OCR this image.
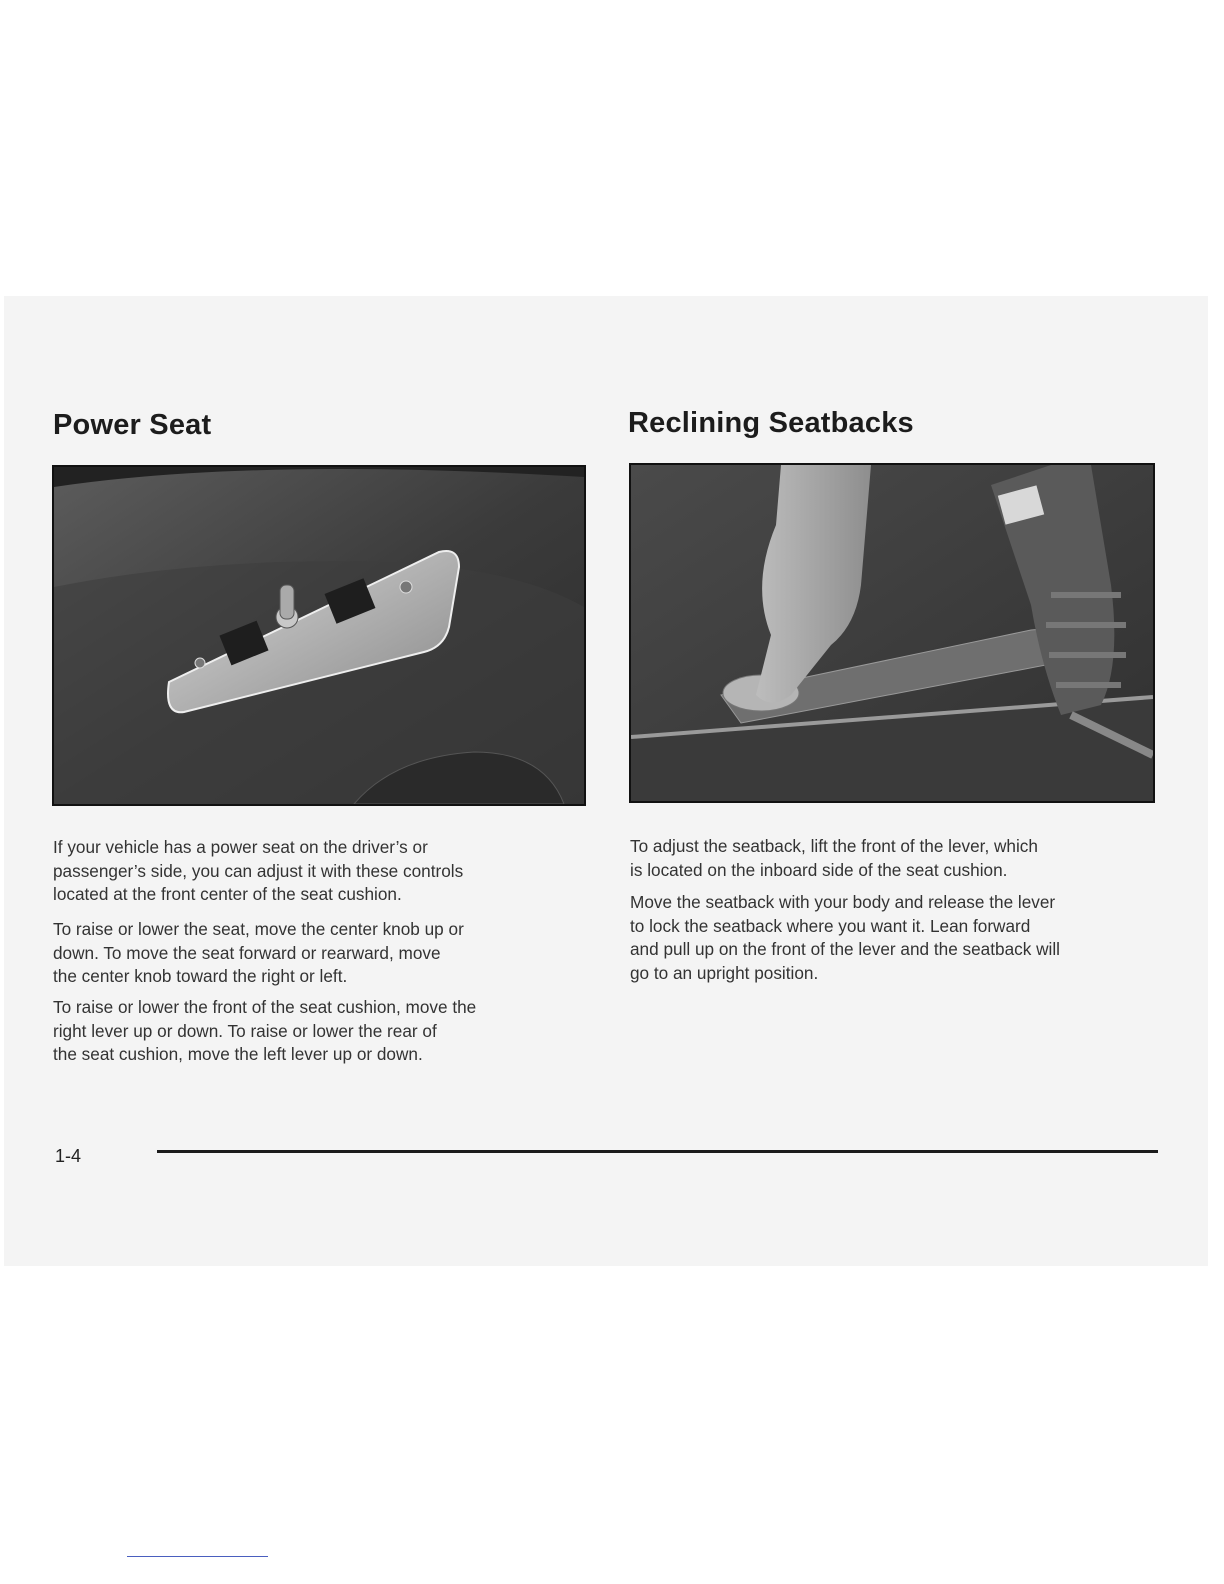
Power Seat

If your vehicle has a power seat on the driver’s or
passenger’s side, you can adjust it with these controls
located at the front center of the seat cushion.

To raise or lower the seat, move the center knob up or
down. To move the seat forward or rearward, move
the center knob toward the right or left.

To raise or lower the front of the seat cushion, move the
right lever up or down. To raise or lower the rear of
the seat cushion, move the left lever up or down.

Reclining Seatbacks

To adjust the seatback, lift the front of the lever, which
is located on the inboard side of the seat cushion.

Move the seatback with your body and release the lever
to lock the seatback where you want it. Lean forward
and pull up on the front of the lever and the seatback will
go to an upright position.

1-4
